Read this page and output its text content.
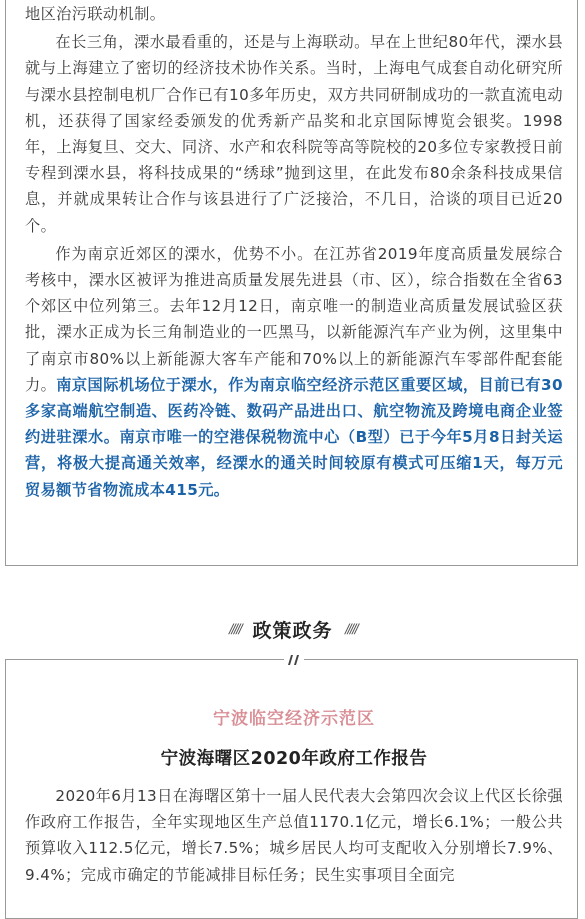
地区治污联动机制。

在长三角，溧水最看重的，还是与上海联动。早在上世纪80年代，溧水县就与上海建立了密切的经济技术协作关系。当时，上海电气成套自动化研究所与溧水县控制电机厂合作已有10多年历史，双方共同研制成功的一款直流电动机，还获得了国家经委颁发的优秀新产品奖和北京国际博览会银奖。1998年，上海复旦、交大、同济、水产和农科院等高等院校的20多位专家教授日前专程到溧水县，将科技成果的“绣球”抛到这里，在此发布80余条科技成果信息，并就成果转让合作与该县进行了广泛接洽，不几日，洽谈的项目已近20个。

作为南京近郊区的溧水，优势不小。在江苏省2019年度高质量发展综合考核中，溧水区被评为推进高质量发展先进县（市、区），综合指数在全省63个郊区中位列第三。去年12月12日，南京唯一的制造业高质量发展试验区获批，溧水正成为长三角制造业的一匹黑马，以新能源汽车产业为例，这里集中了南京市80%以上新能源大客车产能和70%以上的新能源汽车零部件配套能力。南京国际机场位于溧水，作为南京临空经济示范区重要区域，目前已有30多家高端航空制造、医药冷链、数码产品进出口、航空物流及跨境电商企业签约进驻溧水。南京市唯一的空港保税物流中心（B型）已于今年5月8日封关运营，将极大提高通关效率，经溧水的通关时间较原有模式可压缩1天，每万元贸易额节省物流成本415元。

///// 政策政务 /////
宁波临空经济示范区
宁波海曙区2020年政府工作报告

2020年6月13日在海曙区第十一届人民代表大会第四次会议上代区长徐强作政府工作报告，全年实现地区生产总值1170.1亿元，增长6.1%；一般公共预算收入112.5亿元，增长7.5%；城乡居民人均可支配收入分别增长7.9%、9.4%；完成市确定的节能减排目标任务；民生实事项目全面完
